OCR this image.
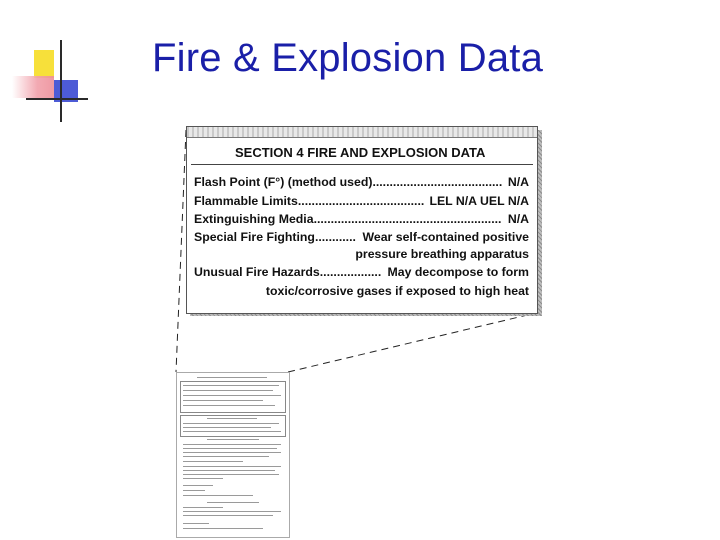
Fire & Explosion Data
SECTION 4 FIRE AND EXPLOSION DATA
Flash Point (F°) (method used)	N/A
......................................
Flammable Limits	LEL N/A UEL N/A
.....................................
Extinguishing Media	N/A
.......................................................
Special Fire Fighting	Wear self-contained positive
............
pressure breathing apparatus
Unusual Fire Hazards	May decompose to form
..................
toxic/corrosive gases if exposed to high heat
